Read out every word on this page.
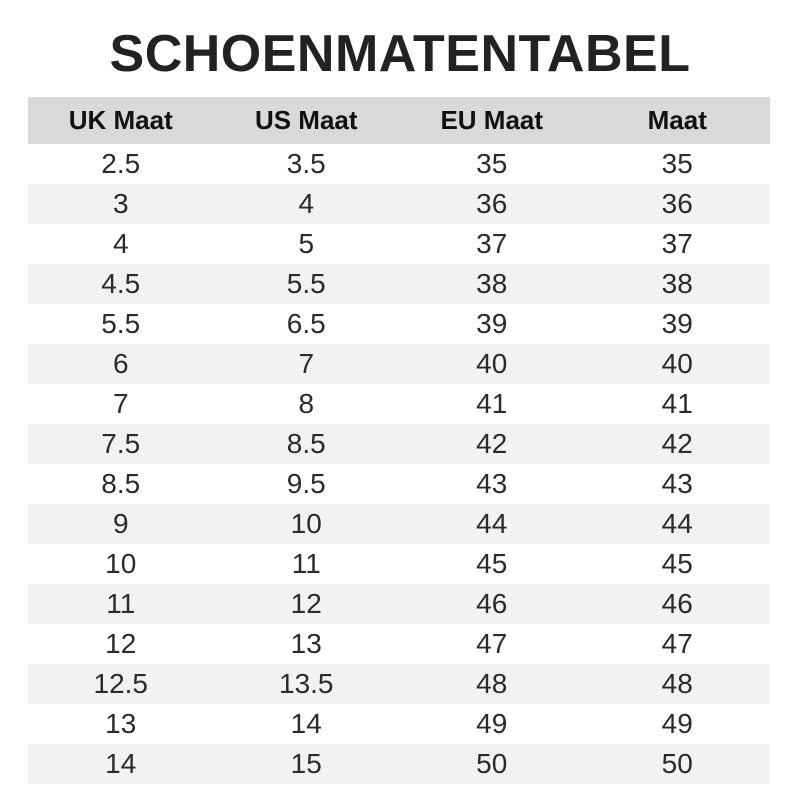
SCHOENMATENTABEL
UK Maat	US Maat	EU Maat	Maat
2.5	3.5	35	35
3	4	36	36
4	5	37	37
4.5	5.5	38	38
5.5	6.5	39	39
6	7	40	40
7	8	41	41
7.5	8.5	42	42
8.5	9.5	43	43
9	10	44	44
10	11	45	45
11	12	46	46
12	13	47	47
12.5	13.5	48	48
13	14	49	49
14	15	50	50
